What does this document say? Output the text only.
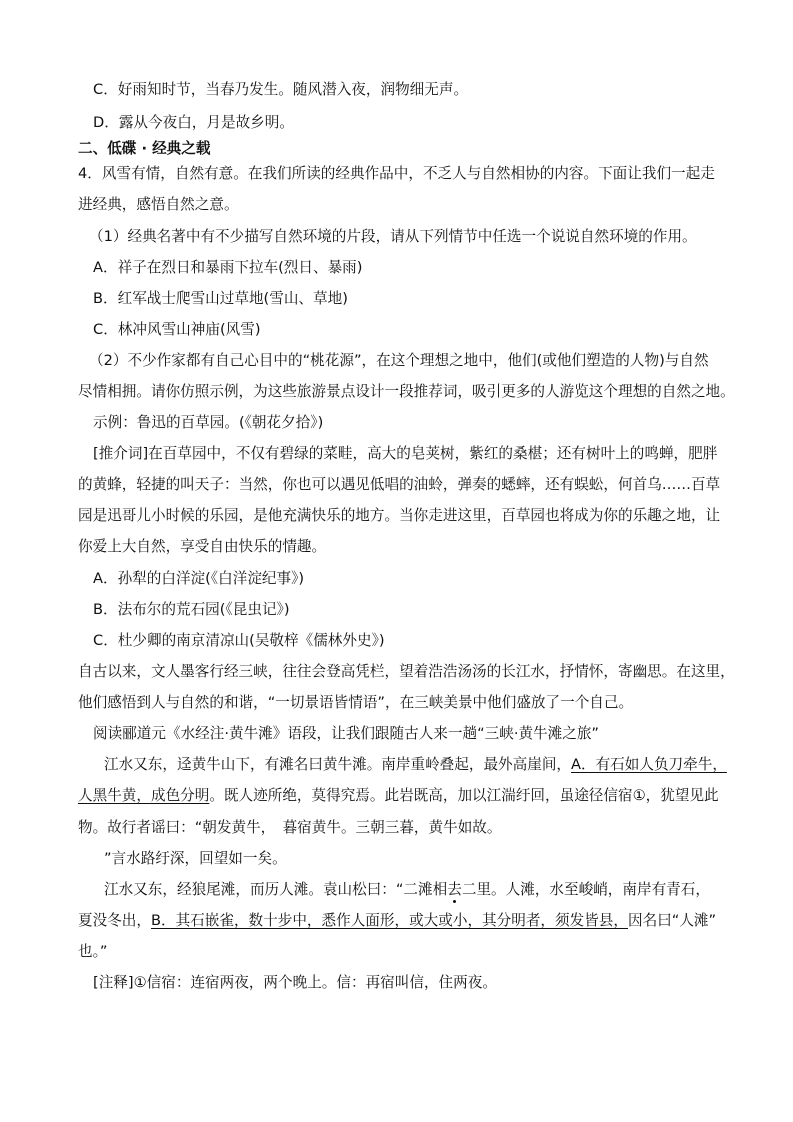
C．好雨知时节，当春乃发生。随风潜入夜，润物细无声。
D．露从今夜白，月是故乡明。
二、低碟 · 经典之载
4．风雪有情，自然有意。在我们所读的经典作品中，不乏人与自然相协的内容。下面让我们一起走
进经典，感悟自然之意。
（1）经典名著中有不少描写自然环境的片段，请从下列情节中任选一个说说自然环境的作用。
A．祥子在烈日和暴雨下拉车(烈日、暴雨)
B．红军战士爬雪山过草地(雪山、草地)
C．林冲风雪山神庙(风雪)
（2）不少作家都有自己心目中的“桃花源”，在这个理想之地中，他们(或他们塑造的人物)与自然
尽情相拥。请你仿照示例，为这些旅游景点设计一段推荐词，吸引更多的人游览这个理想的自然之地。
示例：鲁迅的百草园。(《朝花夕拾》)
[推介词]在百草园中，不仅有碧绿的菜畦，高大的皂荚树，紫红的桑椹；还有树叶上的鸣蝉，肥胖
的黄蜂，轻捷的叫天子：当然，你也可以遇见低唱的油蛉，弹奏的蟋蟀，还有蜈蚣，何首乌……百草
园是迅哥儿小时候的乐园，是他充满快乐的地方。当你走进这里，百草园也将成为你的乐趣之地，让
你爱上大自然，享受自由快乐的情趣。
A．孙犁的白洋淀(《白洋淀纪事》)
B．法布尔的荒石园(《昆虫记》)
C．杜少卿的南京清凉山(吴敬梓《儒林外史》)
自古以来，文人墨客行经三峡，往往会登高凭栏，望着浩浩汤汤的长江水，抒情怀，寄幽思。在这里，
他们感悟到人与自然的和谐，“一切景语皆情语”，在三峡美景中他们盛放了一个自己。
阅读郦道元《水经注·黄牛滩》语段，让我们跟随古人来一趟“三峡·黄牛滩之旅”
江水又东，迳黄牛山下，有滩名曰黄牛滩。南岸重岭叠起，最外高崖间，A．有石如人负刀牵牛，
人黑牛黄，成色分明。既人迹所绝，莫得究焉。此岩既高，加以江湍纡回，虽途径信宿①，犹望见此
物。故行者谣曰：“朝发黄牛，　暮宿黄牛。三朝三暮，黄牛如故。
”言水路纡深，回望如一矣。
江水又东，经狼尾滩，而历人滩。袁山松曰：“二滩相去二里。人滩，水至峻峭，南岸有青石，
夏没冬出，B．其石嵌雀，数十步中，悉作人面形，或大或小，其分明者，须发皆县，因名曰“人滩”
也。”
[注释]①信宿：连宿两夜，两个晚上。信：再宿叫信，住两夜。
